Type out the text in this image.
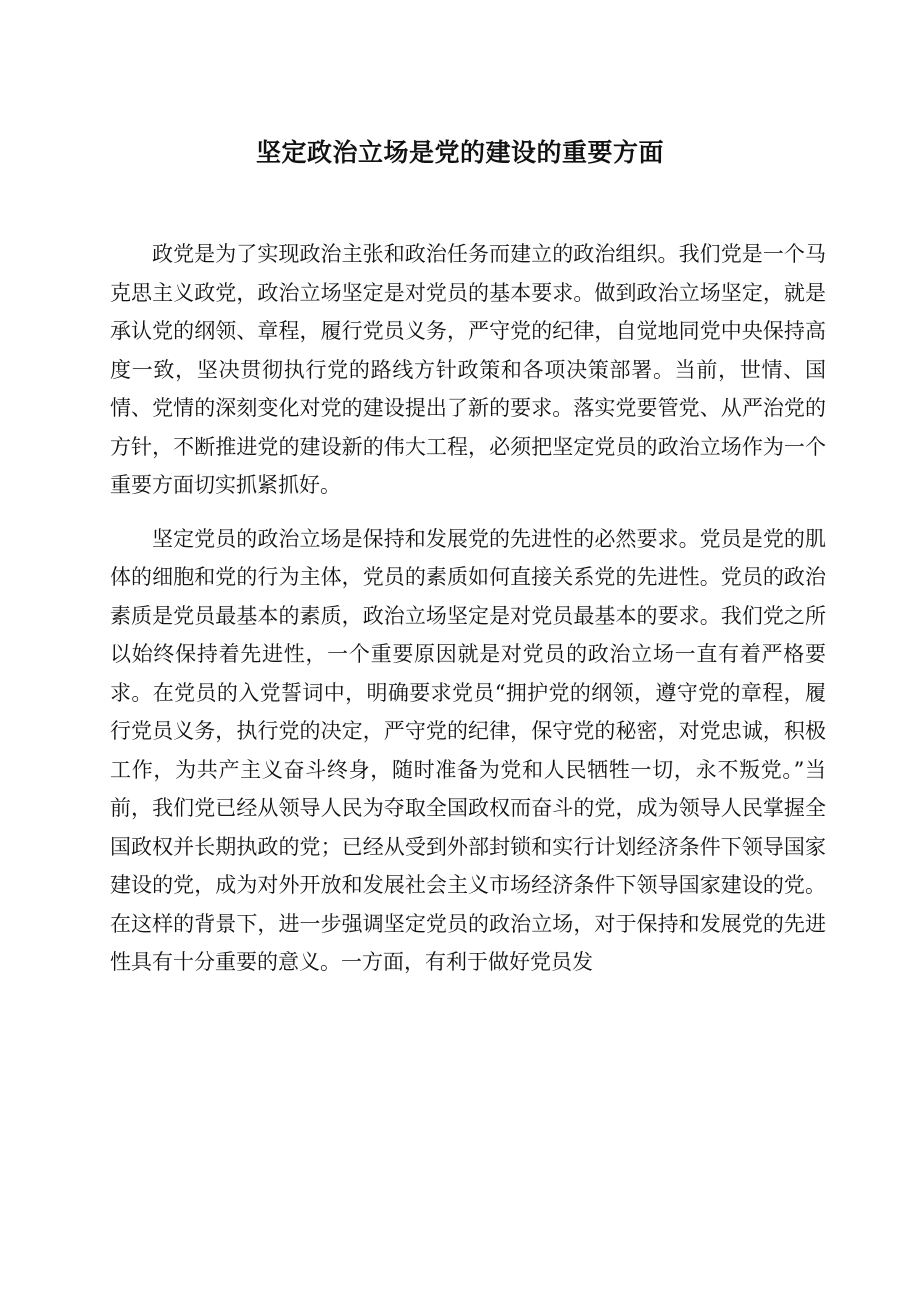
坚定政治立场是党的建设的重要方面

政党是为了实现政治主张和政治任务而建立的政治组织。我们党是一个马克思主义政党，政治立场坚定是对党员的基本要求。做到政治立场坚定，就是承认党的纲领、章程，履行党员义务，严守党的纪律，自觉地同党中央保持高度一致，坚决贯彻执行党的路线方针政策和各项决策部署。当前，世情、国情、党情的深刻变化对党的建设提出了新的要求。落实党要管党、从严治党的方针，不断推进党的建设新的伟大工程，必须把坚定党员的政治立场作为一个重要方面切实抓紧抓好。

坚定党员的政治立场是保持和发展党的先进性的必然要求。党员是党的肌体的细胞和党的行为主体，党员的素质如何直接关系党的先进性。党员的政治素质是党员最基本的素质，政治立场坚定是对党员最基本的要求。我们党之所以始终保持着先进性，一个重要原因就是对党员的政治立场一直有着严格要求。在党员的入党誓词中，明确要求党员“拥护党的纲领，遵守党的章程，履行党员义务，执行党的决定，严守党的纪律，保守党的秘密，对党忠诚，积极工作，为共产主义奋斗终身，随时准备为党和人民牺牲一切，永不叛党。”当前，我们党已经从领导人民为夺取全国政权而奋斗的党，成为领导人民掌握全国政权并长期执政的党；已经从受到外部封锁和实行计划经济条件下领导国家建设的党，成为对外开放和发展社会主义市场经济条件下领导国家建设的党。在这样的背景下，进一步强调坚定党员的政治立场，对于保持和发展党的先进性具有十分重要的意义。一方面，有利于做好党员发
